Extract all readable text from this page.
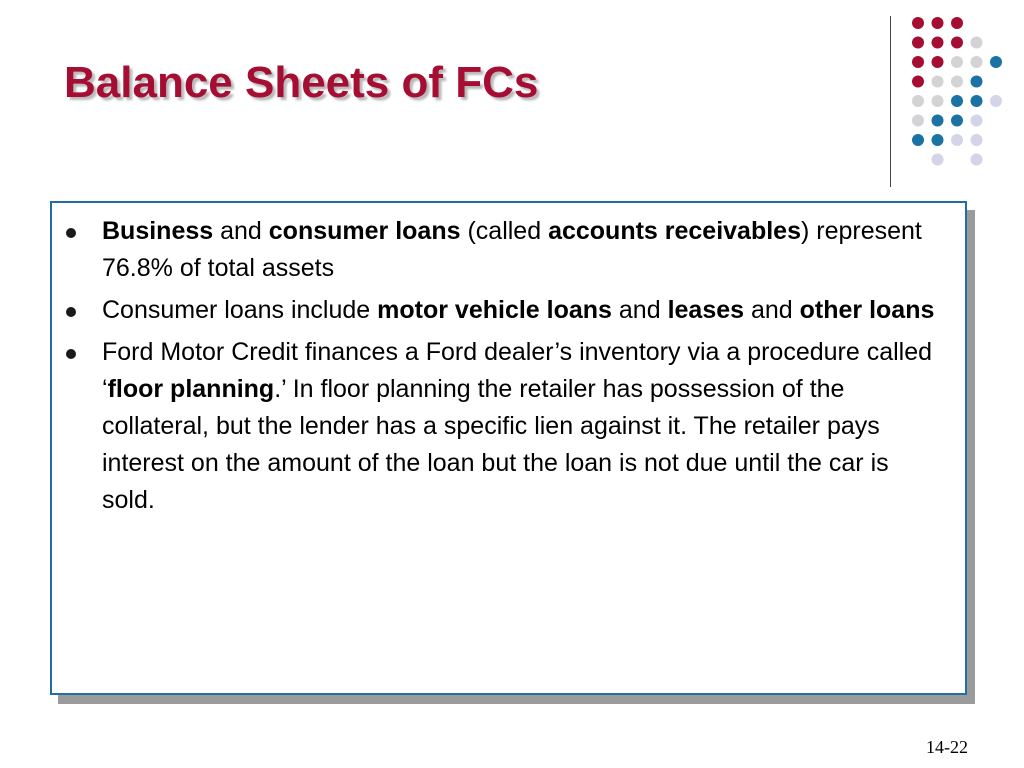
Balance Sheets of FCs
Business and consumer loans (called accounts receivables) represent 76.8% of total assets
Consumer loans include motor vehicle loans and leases and other loans
Ford Motor Credit finances a Ford dealer’s inventory via a procedure called ‘floor planning.’ In floor planning the retailer has possession of the collateral, but the lender has a specific lien against it. The retailer pays interest on the amount of the loan but the loan is not due until the car is sold.
14-22
